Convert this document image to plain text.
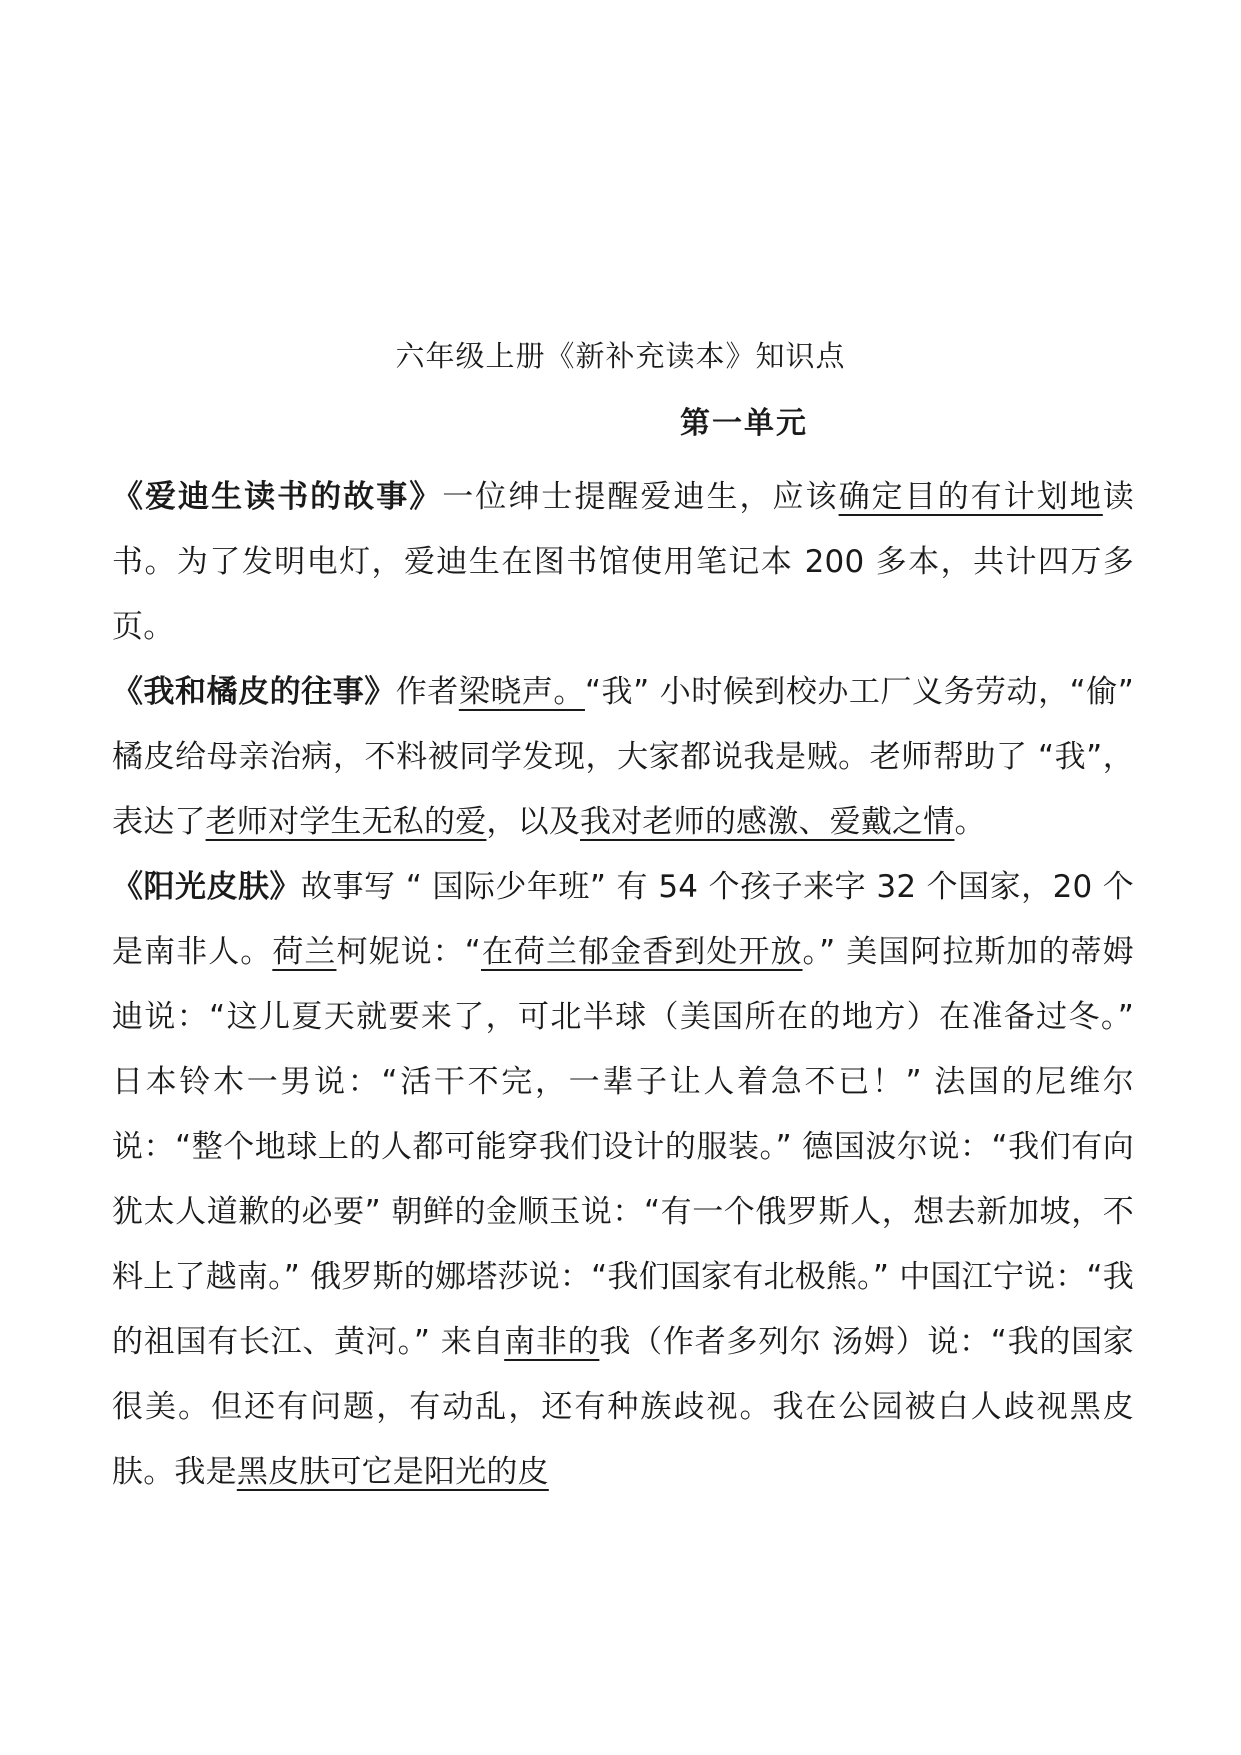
六年级上册《新补充读本》知识点
第一单元

《爱迪生读书的故事》一位绅士提醒爱迪生，应该确定目的有计划地读书。为了发明电灯，爱迪生在图书馆使用笔记本 200 多本，共计四万多页。

《我和橘皮的往事》作者梁晓声。“我” 小时候到校办工厂义务劳动，“偷” 橘皮给母亲治病，不料被同学发现，大家都说我是贼。老师帮助了 “我”，表达了老师对学生无私的爱，以及我对老师的感激、爱戴之情。

《阳光皮肤》故事写 “ 国际少年班” 有 54 个孩子来字 32 个国家，20 个是南非人。荷兰柯妮说：“在荷兰郁金香到处开放。” 美国阿拉斯加的蒂姆迪说：“这儿夏天就要来了，可北半球（美国所在的地方）在准备过冬。” 日本铃木一男说：“活干不完，一辈子让人着急不已！” 法国的尼维尔说：“整个地球上的人都可能穿我们设计的服装。” 德国波尔说：“我们有向犹太人道歉的必要” 朝鲜的金顺玉说：“有一个俄罗斯人，想去新加坡，不料上了越南。” 俄罗斯的娜塔莎说：“我们国家有北极熊。” 中国江宁说：“我的祖国有长江、黄河。” 来自南非的我（作者多列尔 汤姆）说：“我的国家很美。但还有问题，有动乱，还有种族歧视。我在公园被白人歧视黑皮肤。我是黑皮肤可它是阳光的皮
